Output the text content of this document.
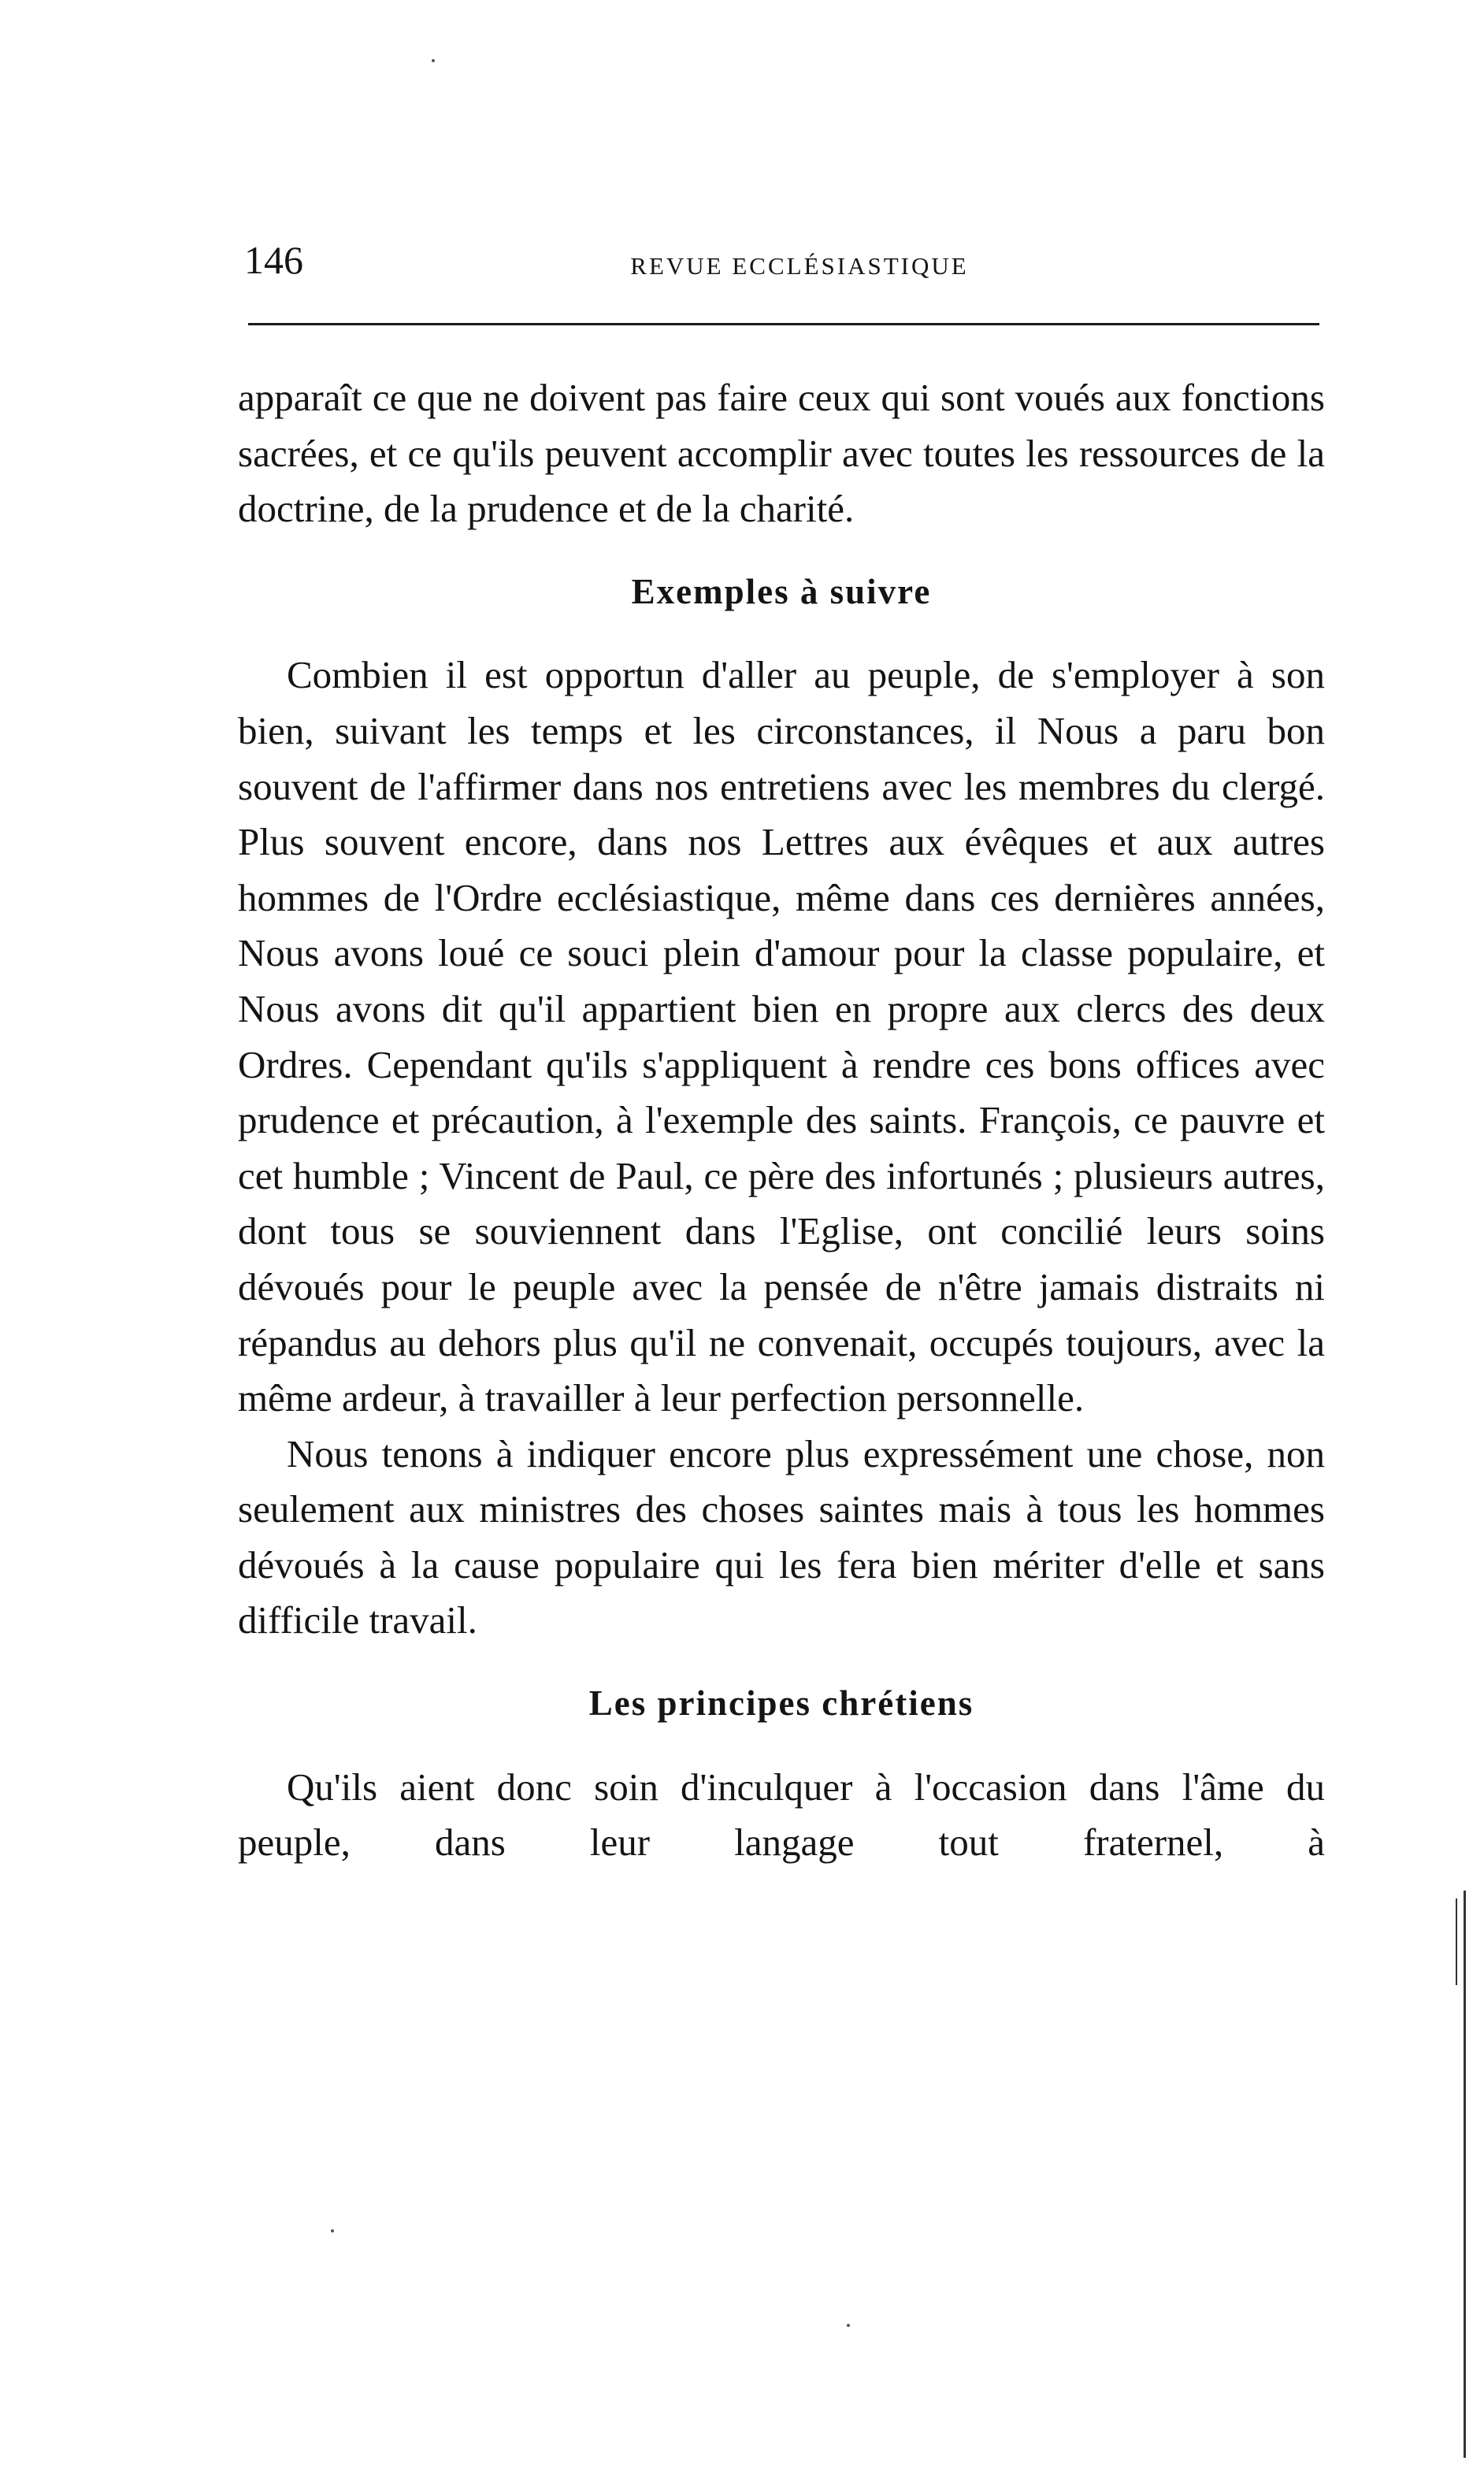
146	REVUE ECCLÉSIASTIQUE

apparaît ce que ne doivent pas faire ceux qui sont voués aux fonctions sacrées, et ce qu'ils peuvent accomplir avec toutes les ressources de la doctrine, de la prudence et de la charité.

Exemples à suivre

Combien il est opportun d'aller au peuple, de s'employer à son bien, suivant les temps et les circonstances, il Nous a paru bon souvent de l'affirmer dans nos entretiens avec les membres du clergé. Plus souvent encore, dans nos Lettres aux évêques et aux autres hommes de l'Ordre ecclésiastique, même dans ces dernières années, Nous avons loué ce souci plein d'amour pour la classe populaire, et Nous avons dit qu'il appartient bien en propre aux clercs des deux Ordres. Cependant qu'ils s'appliquent à rendre ces bons offices avec prudence et précaution, à l'exemple des saints. François, ce pauvre et cet humble ; Vincent de Paul, ce père des infortunés ; plusieurs autres, dont tous se souviennent dans l'Eglise, ont concilié leurs soins dévoués pour le peuple avec la pensée de n'être jamais distraits ni répandus au dehors plus qu'il ne convenait, occupés toujours, avec la même ardeur, à travailler à leur perfection personnelle.

Nous tenons à indiquer encore plus expressément une chose, non seulement aux ministres des choses saintes mais à tous les hommes dévoués à la cause populaire qui les fera bien mériter d'elle et sans difficile travail.

Les principes chrétiens

Qu'ils aient donc soin d'inculquer à l'occasion dans l'âme du peuple, dans leur langage tout fraternel, à
